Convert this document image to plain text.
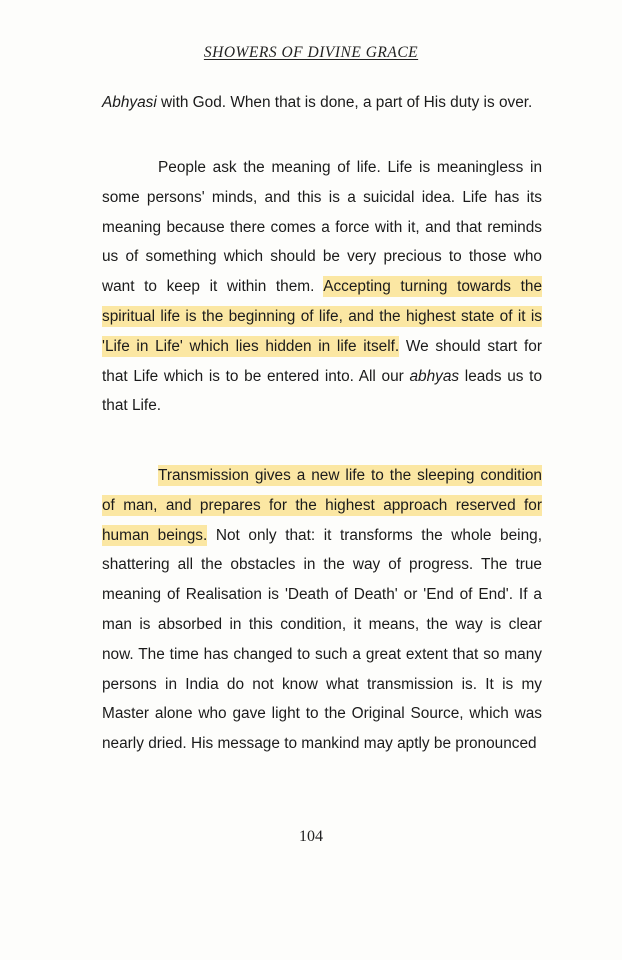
SHOWERS OF DIVINE GRACE
Abhyasi with God. When that is done, a part of His duty is over.
People ask the meaning of life. Life is meaningless in some persons' minds, and this is a suicidal idea. Life has its meaning because there comes a force with it, and that reminds us of something which should be very precious to those who want to keep it within them. Accepting turning towards the spiritual life is the beginning of life, and the highest state of it is 'Life in Life' which lies hidden in life itself. We should start for that Life which is to be entered into. All our abhyas leads us to that Life.
Transmission gives a new life to the sleeping condition of man, and prepares for the highest approach reserved for human beings. Not only that: it transforms the whole being, shattering all the obstacles in the way of progress. The true meaning of Realisation is 'Death of Death' or 'End of End'. If a man is absorbed in this condition, it means, the way is clear now. The time has changed to such a great extent that so many persons in India do not know what transmission is. It is my Master alone who gave light to the Original Source, which was nearly dried. His message to mankind may aptly be pronounced
104
